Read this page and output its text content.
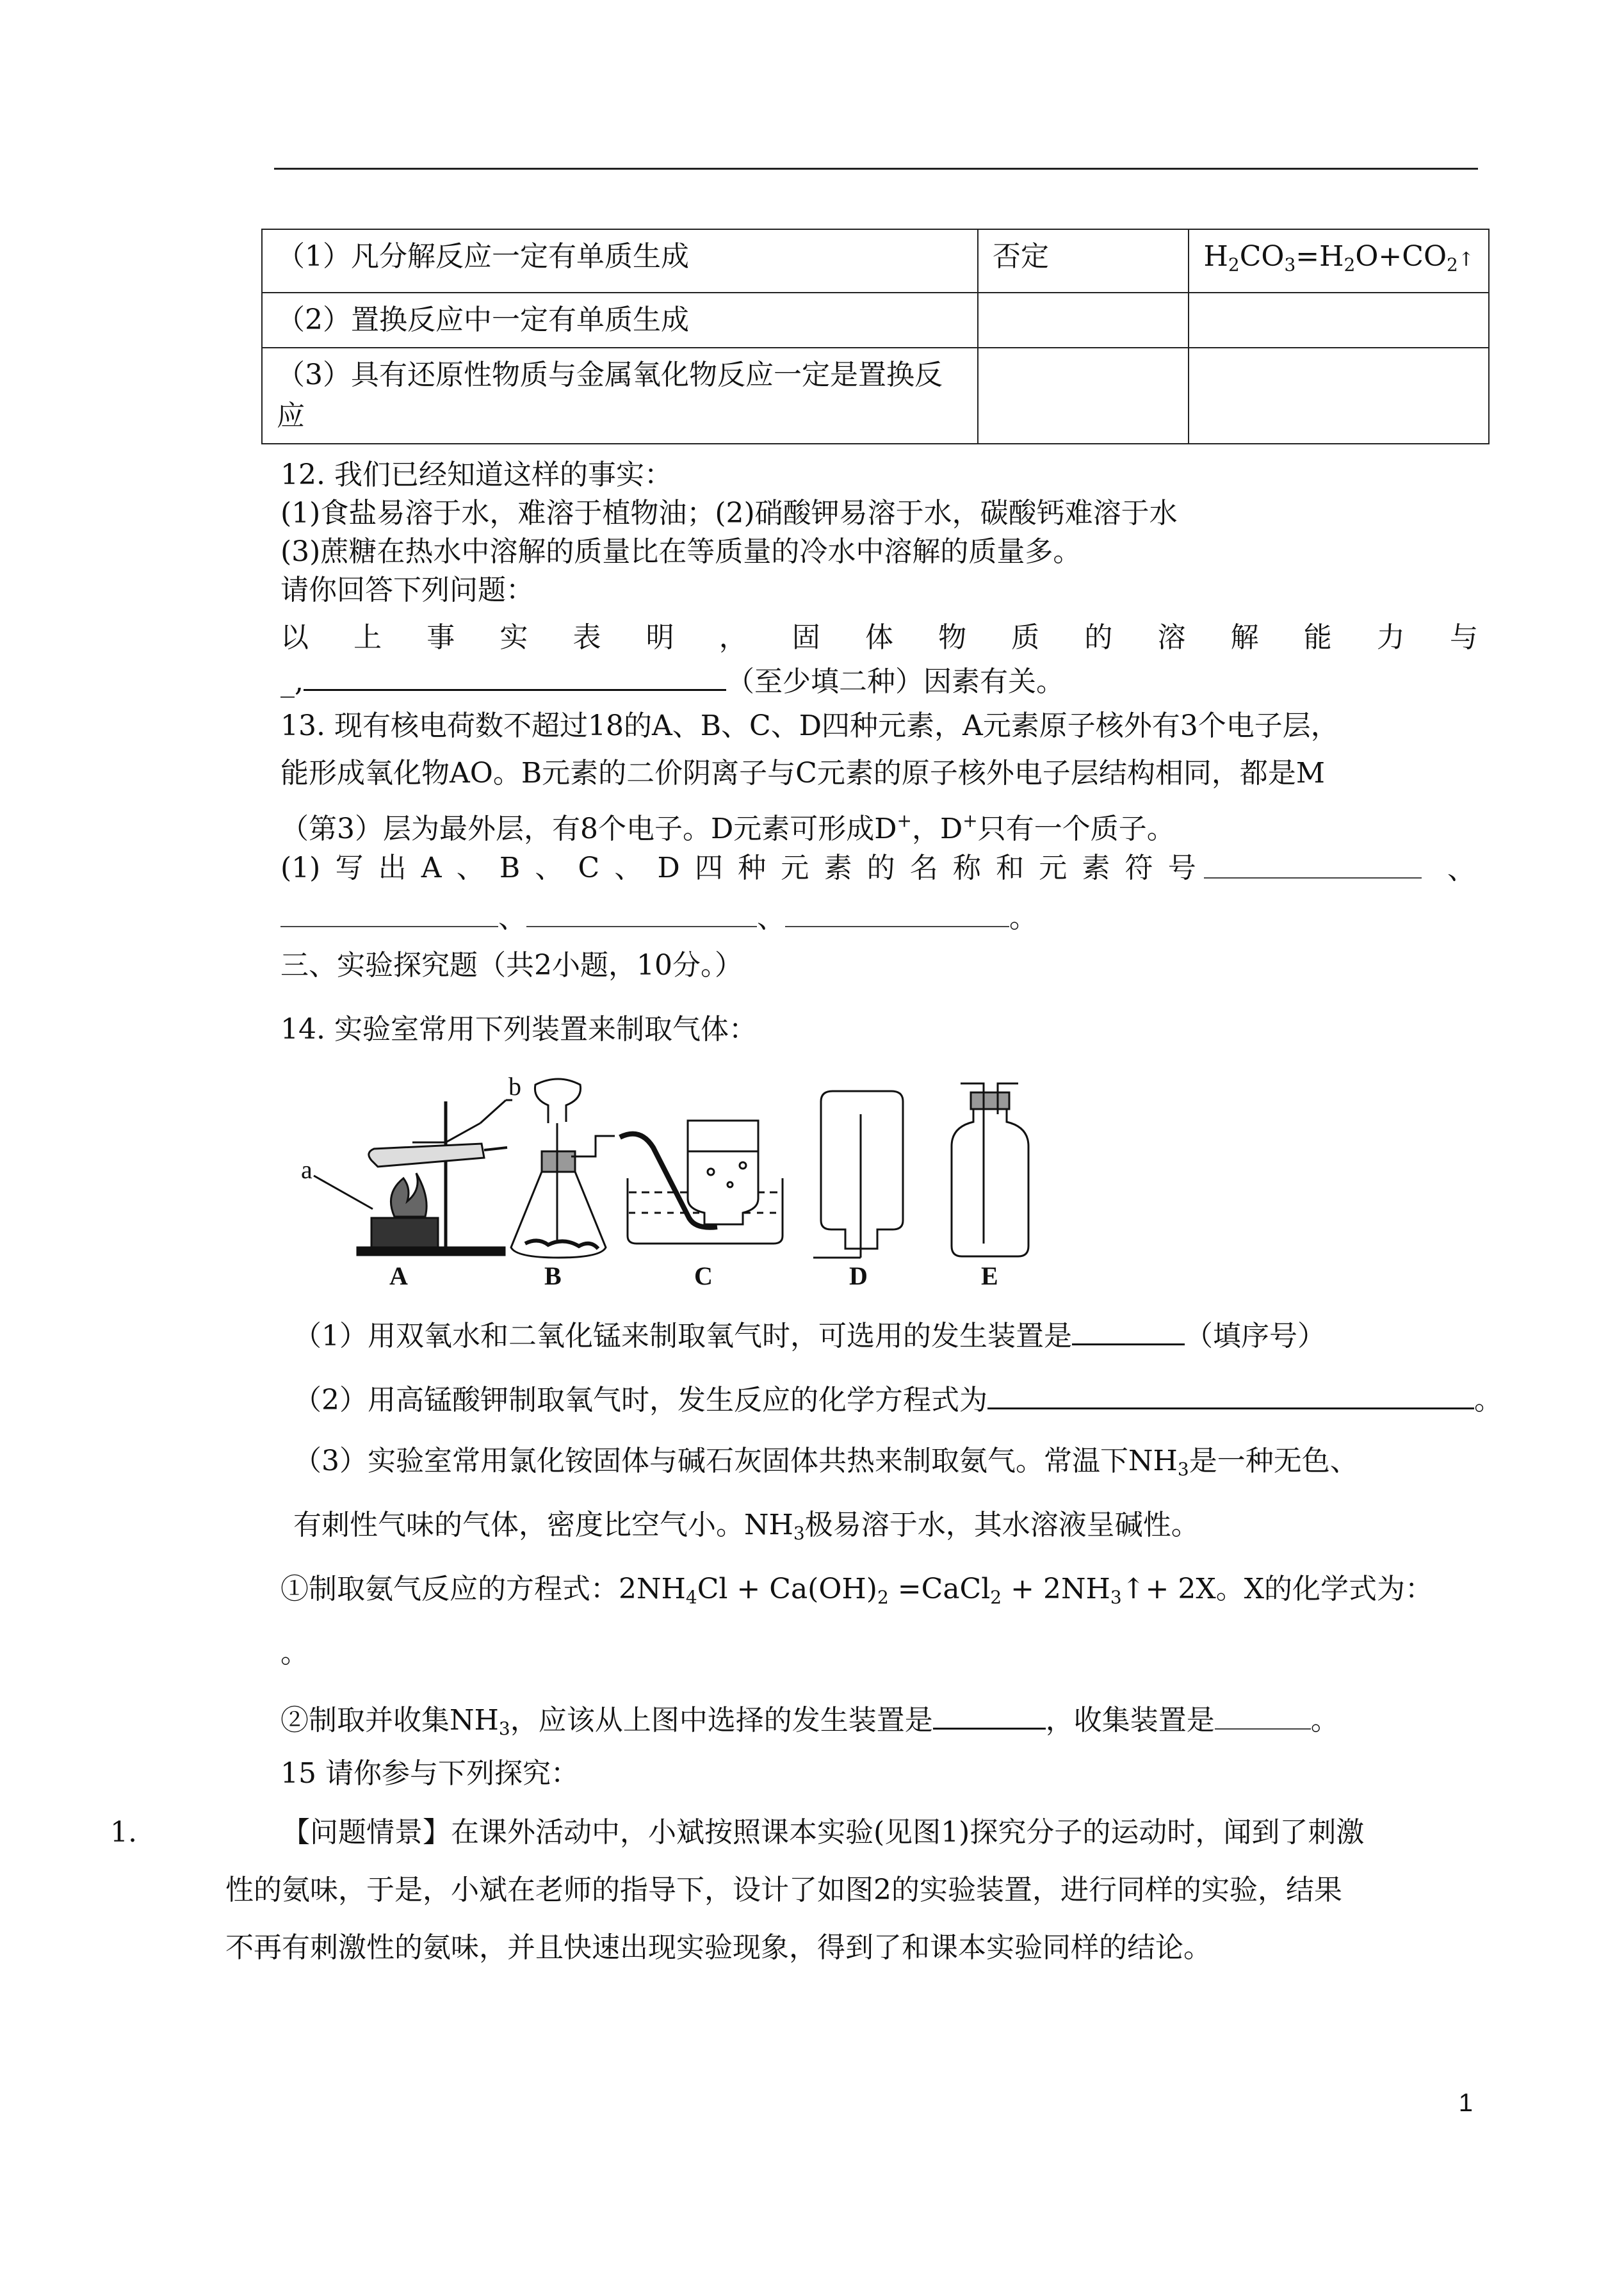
（1）凡分解反应一定有单质生成	否定	$H_2CO_3=H_2O+CO_2↑$
（2）置换反应中一定有单质生成		
（3）具有还原性物质与金属氧化物反应一定是置换反应		
12. 我们已经知道这样的事实：
(1)食盐易溶于水，难溶于植物油；(2)硝酸钾易溶于水，碳酸钙难溶于水
(3)蔗糖在热水中溶解的质量比在等质量的冷水中溶解的质量多。
请你回答下列问题：
以 上 事 实 表 明 ， 固 体 物 质 的 溶 解 能 力 与
_,	（至少填二种）因素有关。
13. 现有核电荷数不超过18的A、B、C、D四种元素，A元素原子核外有3个电子层，
能形成氧化物AO。B元素的二价阴离子与C元素的原子核外电子层结构相同，都是M
（第3）层为最外层，有8个电子。D元素可形成D+，D+只有一个质子。
(1) 写 出 A 、 B 、 C 、 D 四 种 元 素 的 名 称 和 元 素 符 号	、
、	、	。
三、实验探究题（共2小题，10分。）
14. 实验室常用下列装置来制取气体：
a
b
A	B	C	D	E
（1）用双氧水和二氧化锰来制取氧气时，可选用的发生装置是	（填序号）
（2）用高锰酸钾制取氧气时，发生反应的化学方程式为	。
（3）实验室常用氯化铵固体与碱石灰固体共热来制取氨气。常温下$NH_3$是一种无色、
有刺性气味的气体，密度比空气小。$NH_3$极易溶于水，其水溶液呈碱性。
①制取氨气反应的方程式：$2NH_4Cl + Ca(OH)_2$ =CaCl$_2$ + $2NH_3↑+ 2X$。X的化学式为：
。
②制取并收集$NH_3$，应该从上图中选择的发生装置是	，收集装置是	。
15 请你参与下列探究：
1.	【问题情景】在课外活动中，小斌按照课本实验(见图1)探究分子的运动时，闻到了刺激
性的氨味，于是，小斌在老师的指导下，设计了如图2的实验装置，进行同样的实验，结果
不再有刺激性的氨味，并且快速出现实验现象，得到了和课本实验同样的结论。
1
